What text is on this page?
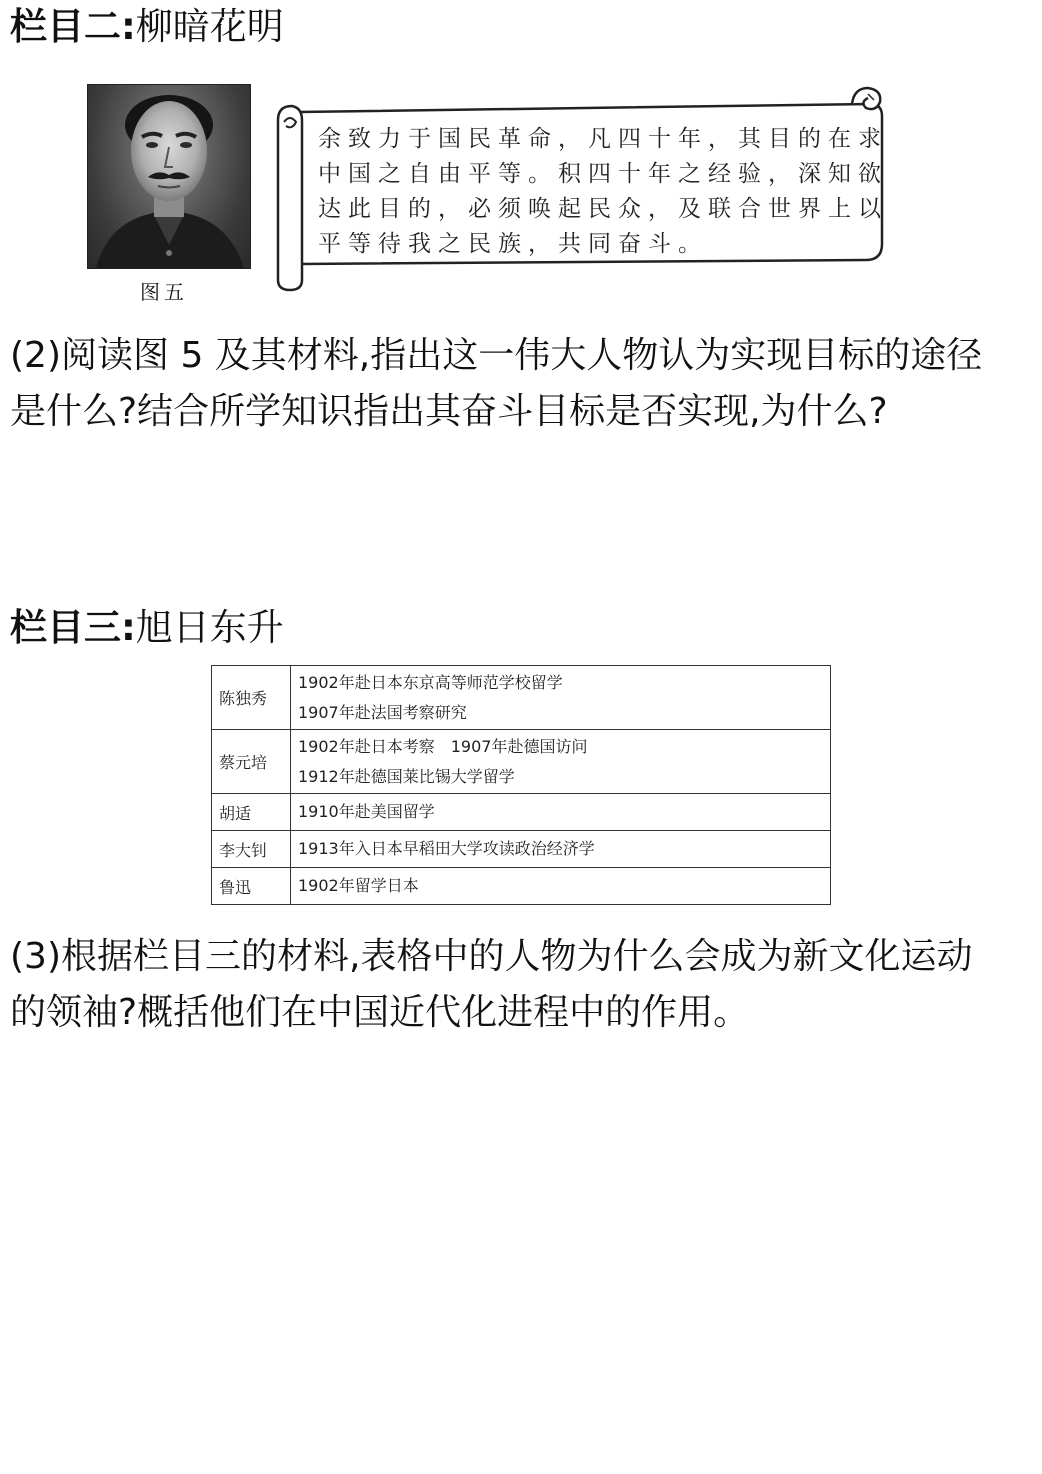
栏目二:柳暗花明
图五
余致力于国民革命，凡四十年，其目的在求
中国之自由平等。积四十年之经验，深知欲
达此目的，必须唤起民众，及联合世界上以
平等待我之民族，共同奋斗。
(2)阅读图 5 及其材料,指出这一伟大人物认为实现目标的途径
是什么?结合所学知识指出其奋斗目标是否实现,为什么?
栏目三:旭日东升
陈独秀	1902年赴日本东京高等师范学校留学
1907年赴法国考察研究

蔡元培	1902年赴日本考察　1907年赴德国访问
1912年赴德国莱比锡大学留学

胡适	1910年赴美国留学

李大钊	1913年入日本早稻田大学攻读政治经济学

鲁迅	1902年留学日本
(3)根据栏目三的材料,表格中的人物为什么会成为新文化运动
的领袖?概括他们在中国近代化进程中的作用。
